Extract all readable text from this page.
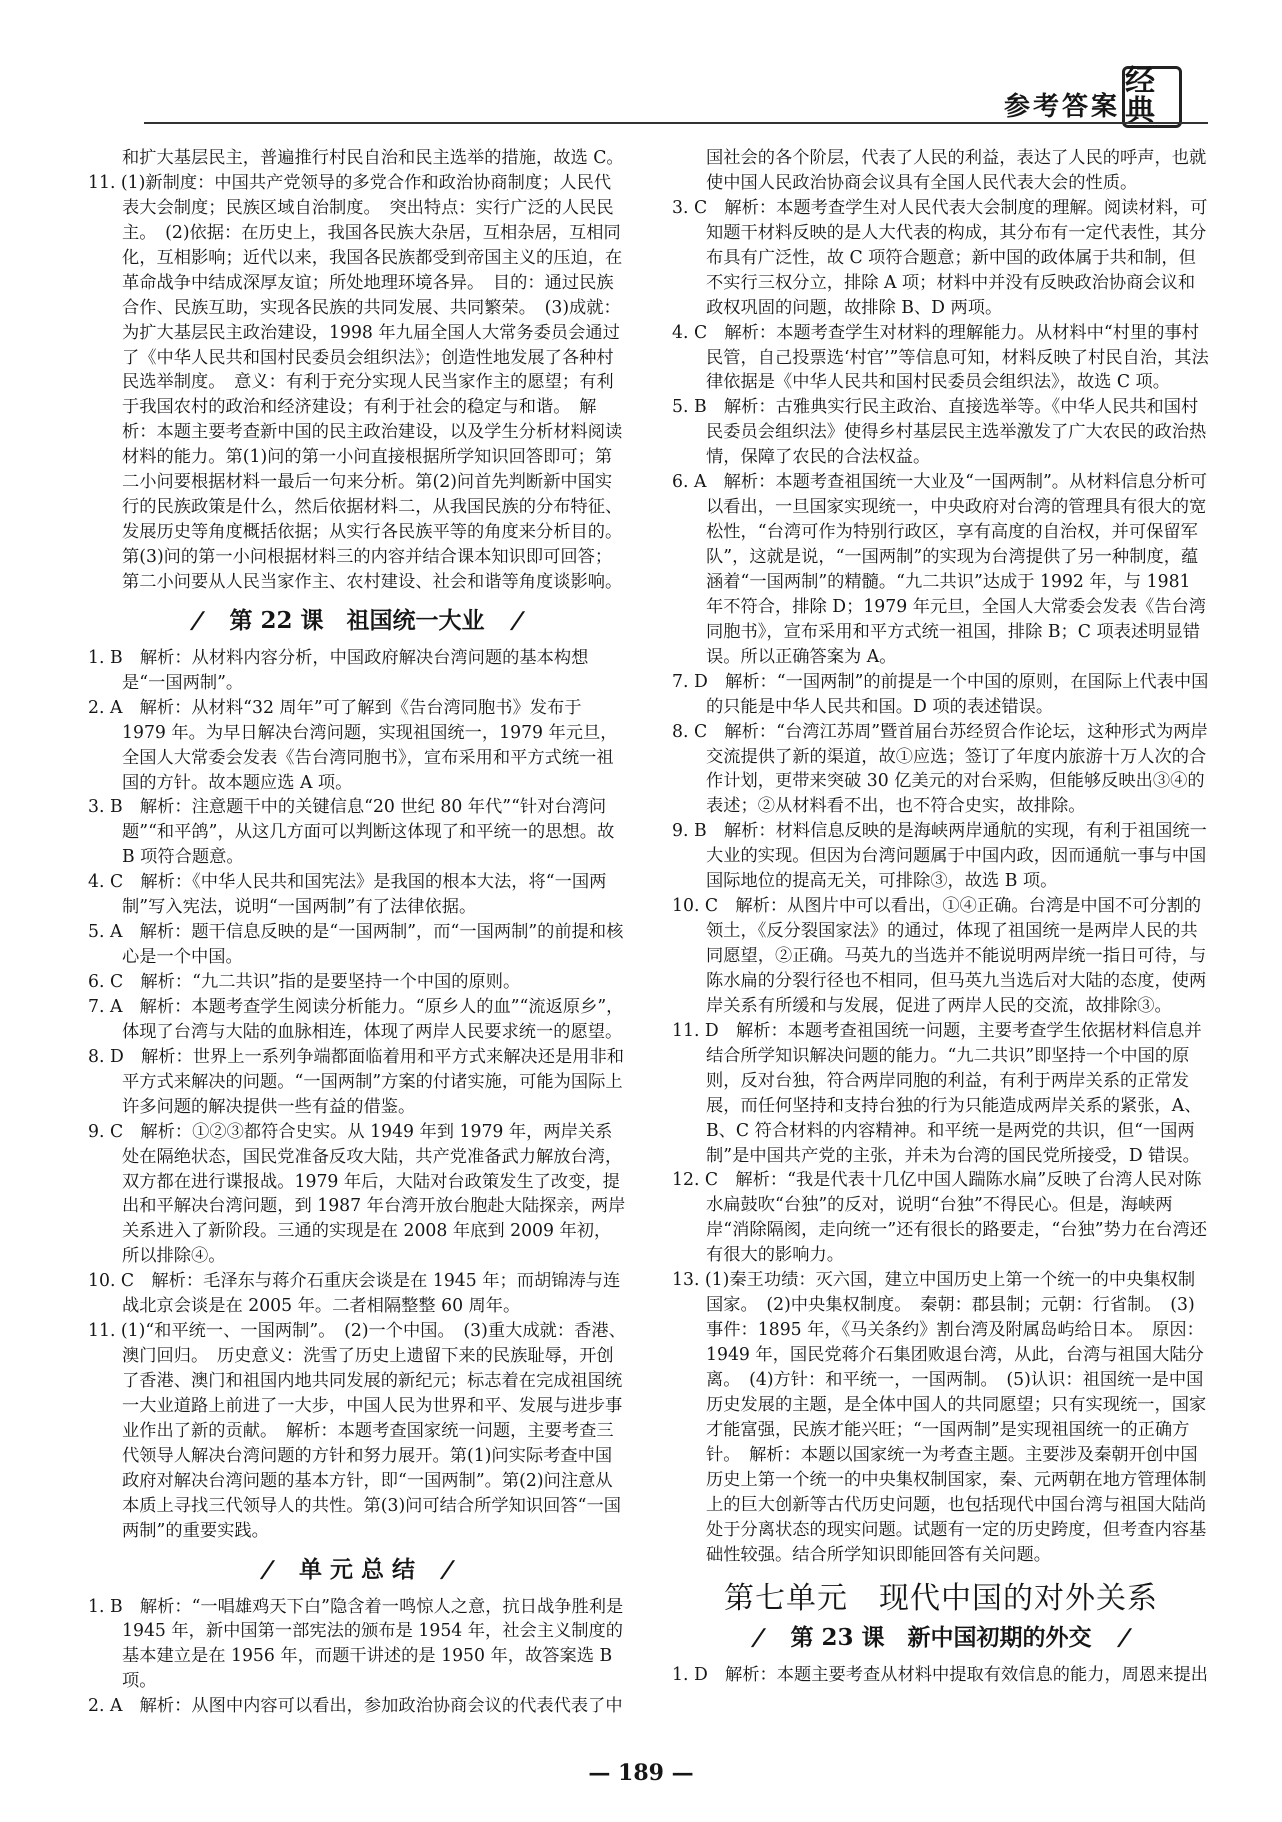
参考答案
经典

和扩大基层民主，普遍推行村民自治和民主选举的措施，故选 C。

11. (1)新制度：中国共产党领导的多党合作和政治协商制度；人民代表大会制度；民族区域自治制度。　突出特点：实行广泛的人民民主。　(2)依据：在历史上，我国各民族大杂居，互相杂居，互相同化，互相影响；近代以来，我国各民族都受到帝国主义的压迫，在革命战争中结成深厚友谊；所处地理环境各异。　目的：通过民族合作、民族互助，实现各民族的共同发展、共同繁荣。　(3)成就：为扩大基层民主政治建设，1998 年九届全国人大常务委员会通过了《中华人民共和国村民委员会组织法》；创造性地发展了各种村民选举制度。　意义：有利于充分实现人民当家作主的愿望；有利于我国农村的政治和经济建设；有利于社会的稳定与和谐。　解析：本题主要考查新中国的民主政治建设，以及学生分析材料阅读材料的能力。第(1)问的第一小问直接根据所学知识回答即可；第二小问要根据材料一最后一句来分析。第(2)问首先判断新中国实行的民族政策是什么，然后依据材料二，从我国民族的分布特征、发展历史等角度概括依据；从实行各民族平等的角度来分析目的。第(3)问的第一小问根据材料三的内容并结合课本知识即可回答；第二小问要从人民当家作主、农村建设、社会和谐等角度谈影响。

/ 第 22 课　祖国统一大业 /

1. B　解析：从材料内容分析，中国政府解决台湾问题的基本构想是“一国两制”。

2. A　解析：从材料“32 周年”可了解到《告台湾同胞书》发布于 1979 年。为早日解决台湾问题，实现祖国统一，1979 年元旦，全国人大常委会发表《告台湾同胞书》，宣布采用和平方式统一祖国的方针。故本题应选 A 项。

3. B　解析：注意题干中的关键信息“20 世纪 80 年代”“针对台湾问题”“和平鸽”，从这几方面可以判断这体现了和平统一的思想。故 B 项符合题意。

4. C　解析：《中华人民共和国宪法》是我国的根本大法，将“一国两制”写入宪法，说明“一国两制”有了法律依据。

5. A　解析：题干信息反映的是“一国两制”，而“一国两制”的前提和核心是一个中国。

6. C　解析：“九二共识”指的是要坚持一个中国的原则。

7. A　解析：本题考查学生阅读分析能力。“原乡人的血”“流返原乡”，体现了台湾与大陆的血脉相连，体现了两岸人民要求统一的愿望。

8. D　解析：世界上一系列争端都面临着用和平方式来解决还是用非和平方式来解决的问题。“一国两制”方案的付诸实施，可能为国际上许多问题的解决提供一些有益的借鉴。

9. C　解析：①②③都符合史实。从 1949 年到 1979 年，两岸关系处在隔绝状态，国民党准备反攻大陆，共产党准备武力解放台湾，双方都在进行谍报战。1979 年后，大陆对台政策发生了改变，提出和平解决台湾问题，到 1987 年台湾开放台胞赴大陆探亲，两岸关系进入了新阶段。三通的实现是在 2008 年底到 2009 年初，所以排除④。

10. C　解析：毛泽东与蒋介石重庆会谈是在 1945 年；而胡锦涛与连战北京会谈是在 2005 年。二者相隔整整 60 周年。

11. (1)“和平统一、一国两制”。　(2)一个中国。　(3)重大成就：香港、澳门回归。　历史意义：洗雪了历史上遗留下来的民族耻辱，开创了香港、澳门和祖国内地共同发展的新纪元；标志着在完成祖国统一大业道路上前进了一大步，中国人民为世界和平、发展与进步事业作出了新的贡献。　解析：本题考查国家统一问题，主要考查三代领导人解决台湾问题的方针和努力展开。第(1)问实际考查中国政府对解决台湾问题的基本方针，即“一国两制”。第(2)问注意从本质上寻找三代领导人的共性。第(3)问可结合所学知识回答“一国两制”的重要实践。

/ 单 元 总 结 /

1. B　解析：“一唱雄鸡天下白”隐含着一鸣惊人之意，抗日战争胜利是 1945 年，新中国第一部宪法的颁布是 1954 年，社会主义制度的基本建立是在 1956 年，而题干讲述的是 1950 年，故答案选 B 项。

2. A　解析：从图中内容可以看出，参加政治协商会议的代表代表了中

国社会的各个阶层，代表了人民的利益，表达了人民的呼声，也就使中国人民政治协商会议具有全国人民代表大会的性质。

3. C　解析：本题考查学生对人民代表大会制度的理解。阅读材料，可知题干材料反映的是人大代表的构成，其分布有一定代表性，其分布具有广泛性，故 C 项符合题意；新中国的政体属于共和制，但不实行三权分立，排除 A 项；材料中并没有反映政治协商会议和政权巩固的问题，故排除 B、D 两项。

4. C　解析：本题考查学生对材料的理解能力。从材料中“村里的事村民管，自己投票选‘村官’”等信息可知，材料反映了村民自治，其法律依据是《中华人民共和国村民委员会组织法》，故选 C 项。

5. B　解析：古雅典实行民主政治、直接选举等。《中华人民共和国村民委员会组织法》使得乡村基层民主选举激发了广大农民的政治热情，保障了农民的合法权益。

6. A　解析：本题考查祖国统一大业及“一国两制”。从材料信息分析可以看出，一旦国家实现统一，中央政府对台湾的管理具有很大的宽松性，“台湾可作为特别行政区，享有高度的自治权，并可保留军队”，这就是说，“一国两制”的实现为台湾提供了另一种制度，蕴涵着“一国两制”的精髓。“九二共识”达成于 1992 年，与 1981 年不符合，排除 D；1979 年元旦，全国人大常委会发表《告台湾同胞书》，宣布采用和平方式统一祖国，排除 B；C 项表述明显错误。所以正确答案为 A。

7. D　解析：“一国两制”的前提是一个中国的原则，在国际上代表中国的只能是中华人民共和国。D 项的表述错误。

8. C　解析：“台湾江苏周”暨首届台苏经贸合作论坛，这种形式为两岸交流提供了新的渠道，故①应选；签订了年度内旅游十万人次的合作计划，更带来突破 30 亿美元的对台采购，但能够反映出③④的表述；②从材料看不出，也不符合史实，故排除。

9. B　解析：材料信息反映的是海峡两岸通航的实现，有利于祖国统一大业的实现。但因为台湾问题属于中国内政，因而通航一事与中国国际地位的提高无关，可排除③，故选 B 项。

10. C　解析：从图片中可以看出，①④正确。台湾是中国不可分割的领土，《反分裂国家法》的通过，体现了祖国统一是两岸人民的共同愿望，②正确。马英九的当选并不能说明两岸统一指日可待，与陈水扁的分裂行径也不相同，但马英九当选后对大陆的态度，使两岸关系有所缓和与发展，促进了两岸人民的交流，故排除③。

11. D　解析：本题考查祖国统一问题，主要考查学生依据材料信息并结合所学知识解决问题的能力。“九二共识”即坚持一个中国的原则，反对台独，符合两岸同胞的利益，有利于两岸关系的正常发展，而任何坚持和支持台独的行为只能造成两岸关系的紧张，A、B、C 符合材料的内容精神。和平统一是两党的共识，但“一国两制”是中国共产党的主张，并未为台湾的国民党所接受，D 错误。

12. C　解析：“我是代表十几亿中国人踹陈水扁”反映了台湾人民对陈水扁鼓吹“台独”的反对，说明“台独”不得民心。但是，海峡两岸“消除隔阂，走向统一”还有很长的路要走，“台独”势力在台湾还有很大的影响力。

13. (1)秦王功绩：灭六国，建立中国历史上第一个统一的中央集权制国家。　(2)中央集权制度。　秦朝：郡县制；元朝：行省制。　(3)事件：1895 年，《马关条约》割台湾及附属岛屿给日本。　原因：1949 年，国民党蒋介石集团败退台湾，从此，台湾与祖国大陆分离。　(4)方针：和平统一，一国两制。　(5)认识：祖国统一是中国历史发展的主题，是全体中国人的共同愿望；只有实现统一，国家才能富强，民族才能兴旺；“一国两制”是实现祖国统一的正确方针。　解析：本题以国家统一为考查主题。主要涉及秦朝开创中国历史上第一个统一的中央集权制国家，秦、元两朝在地方管理体制上的巨大创新等古代历史问题，也包括现代中国台湾与祖国大陆尚处于分离状态的现实问题。试题有一定的历史跨度，但考查内容基础性较强。结合所学知识即能回答有关问题。

第七单元　现代中国的对外关系
/ 第 23 课　新中国初期的外交 /

1. D　解析：本题主要考查从材料中提取有效信息的能力，周恩来提出

— 189 —
